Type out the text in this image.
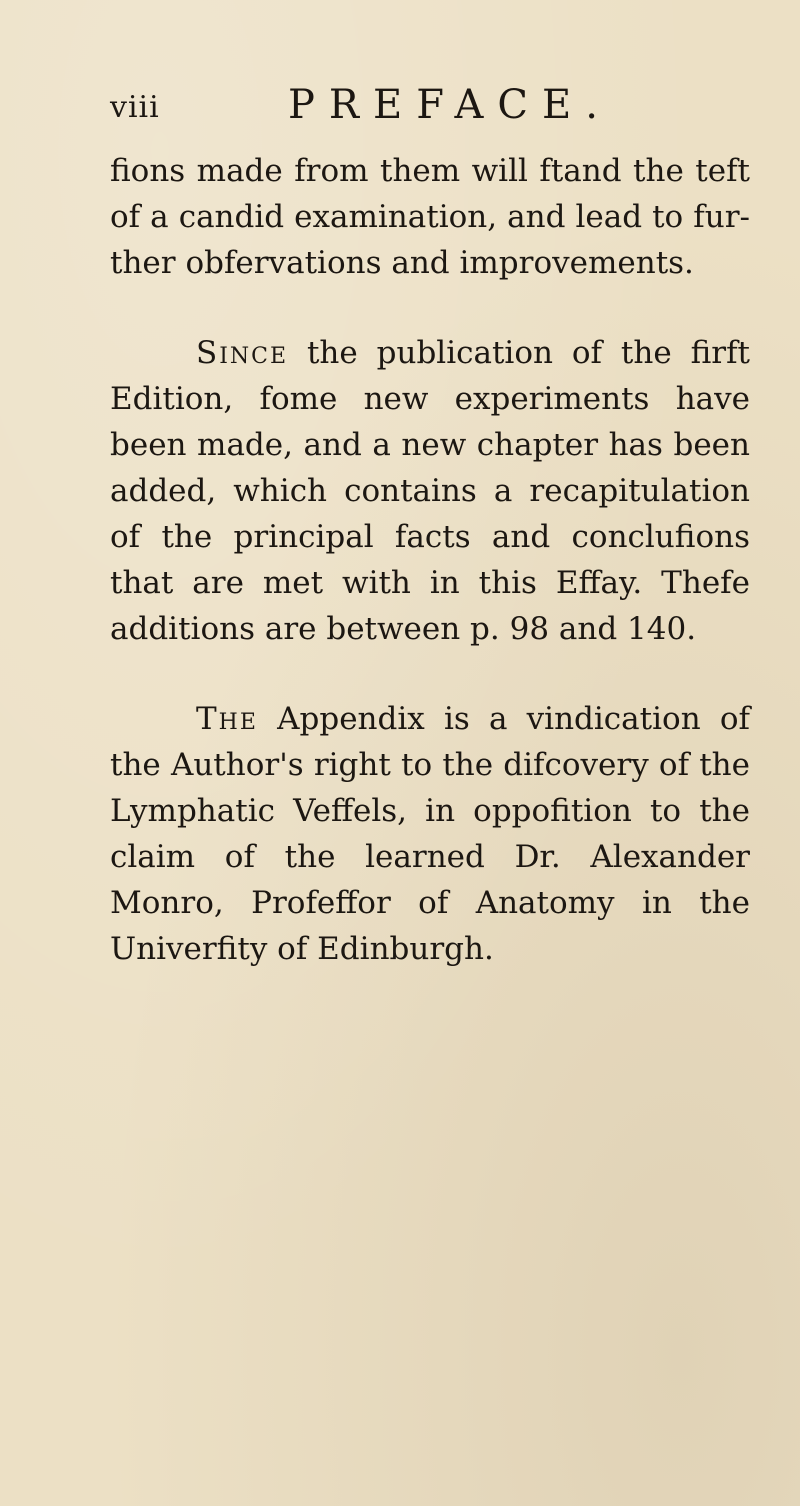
viii	PREFACE.

fions made from them will ftand the teft of a candid examination, and lead to fur- ther obfervations and improvements.

Since the publication of the firft Edition, fome new experiments have been made, and a new chapter has been added, which contains a recapitulation of the principal facts and conclufions that are met with in this Effay. Thefe additions are between p. 98 and 140.

The Appendix is a vindication of the Author's right to the difcovery of the Lymphatic Veffels, in oppofition to the claim of the learned Dr. Alexander Monro, Profeffor of Anatomy in the Univerfity of Edinburgh.
